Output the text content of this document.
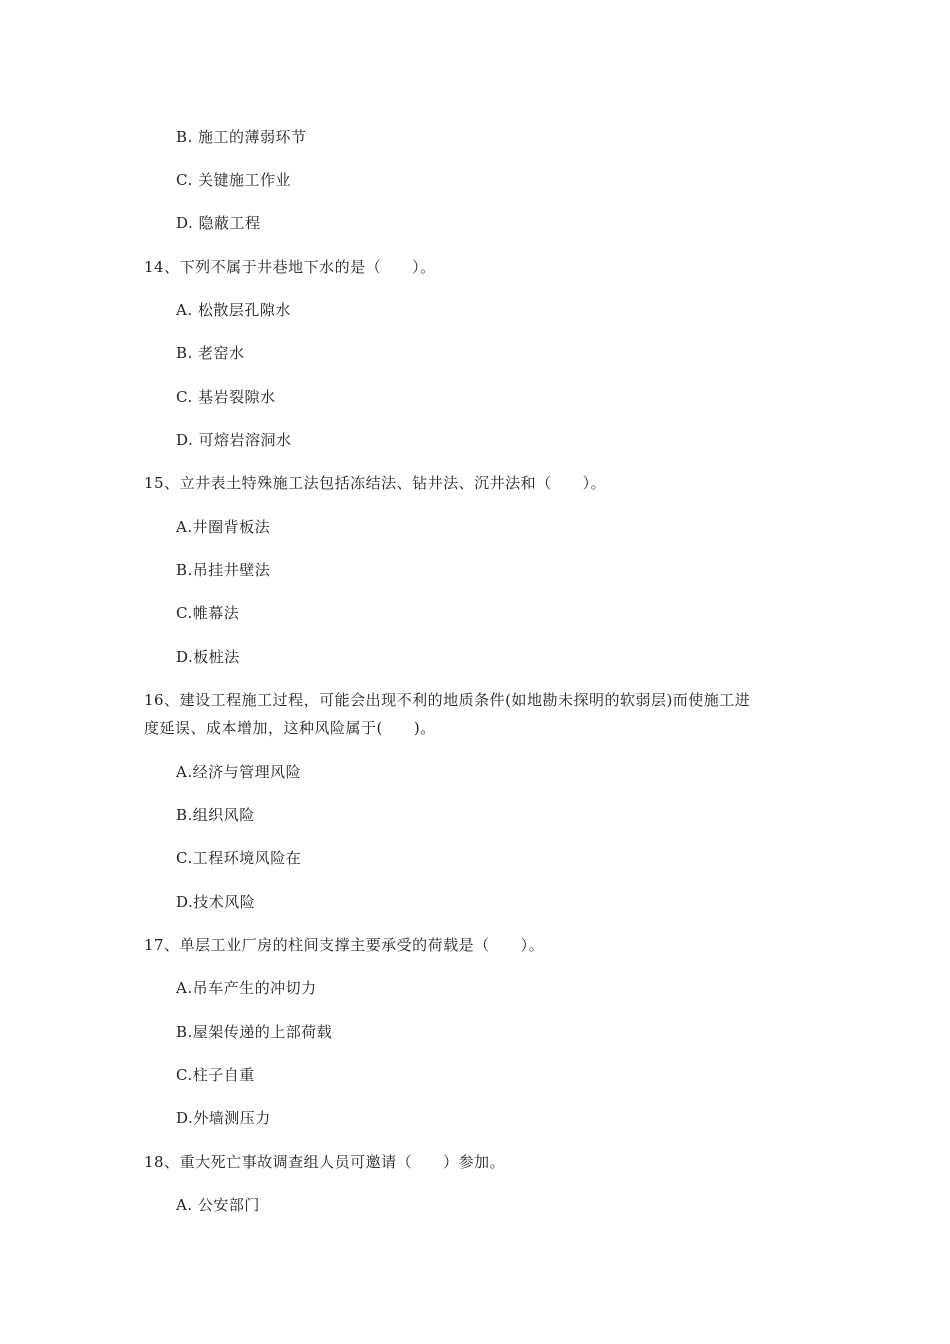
B. 施工的薄弱环节
C. 关键施工作业
D. 隐蔽工程
14、下列不属于井巷地下水的是（　　）。
A. 松散层孔隙水
B. 老窑水
C. 基岩裂隙水
D. 可熔岩溶洞水
15、立井表土特殊施工法包括冻结法、钻井法、沉井法和（　　）。
A.井圈背板法
B.吊挂井壁法
C.帷幕法
D.板桩法
16、建设工程施工过程，可能会出现不利的地质条件(如地勘未探明的软弱层)而使施工进
度延误、成本增加，这种风险属于(　　)。
A.经济与管理风险
B.组织风险
C.工程环境风险在
D.技术风险
17、单层工业厂房的柱间支撑主要承受的荷载是（　　）。
A.吊车产生的冲切力
B.屋架传递的上部荷载
C.柱子自重
D.外墙测压力
18、重大死亡事故调查组人员可邀请（　　）参加。
A. 公安部门
